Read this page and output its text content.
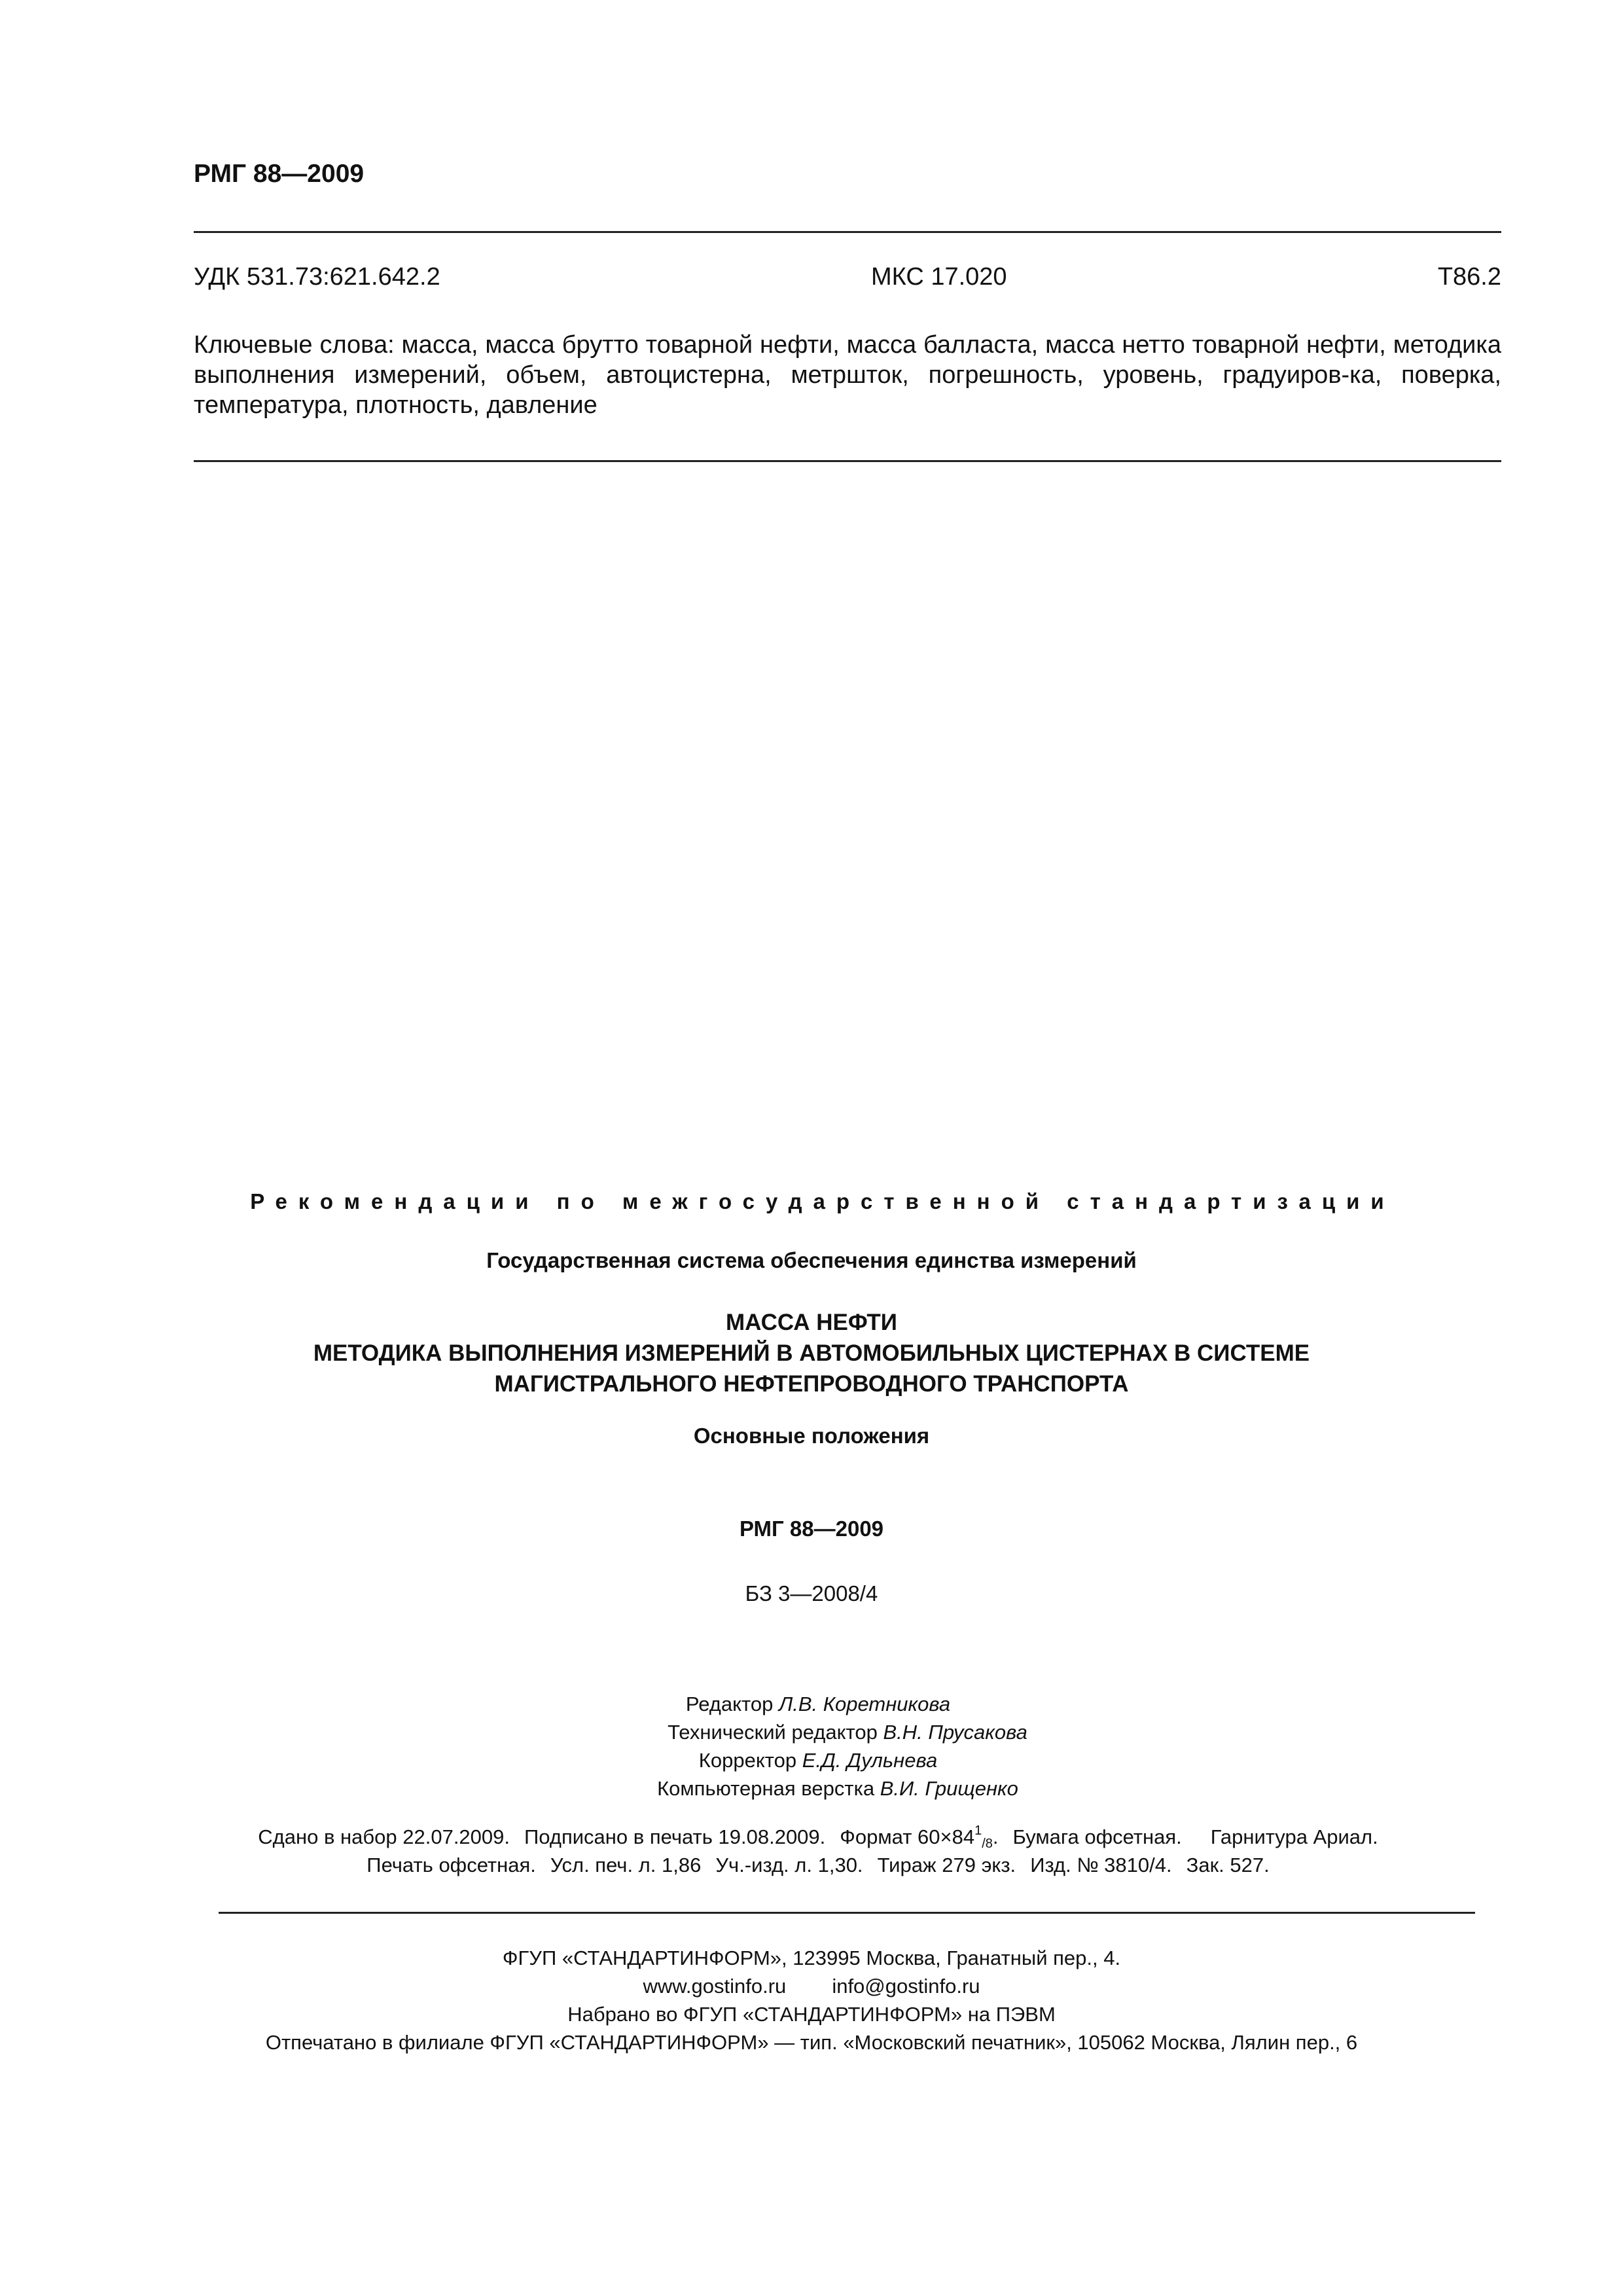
РМГ 88—2009
УДК 531.73:621.642.2	МКС 17.020	Т86.2
Ключевые слова: масса, масса брутто товарной нефти, масса балласта, масса нетто товарной нефти, методика выполнения измерений, объем, автоцистерна, метршток, погрешность, уровень, градуиров-ка, поверка, температура, плотность, давление
Рекомендации по межгосударственной стандартизации
Государственная система обеспечения единства измерений
МАССА НЕФТИ
МЕТОДИКА ВЫПОЛНЕНИЯ ИЗМЕРЕНИЙ В АВТОМОБИЛЬНЫХ ЦИСТЕРНАХ В СИСТЕМЕ
МАГИСТРАЛЬНОГО НЕФТЕПРОВОДНОГО ТРАНСПОРТА
Основные положения
РМГ 88—2009
БЗ 3—2008/4
Редактор Л.В. Коретникова
Технический редактор В.Н. Прусакова
Корректор Е.Д. Дульнева
Компьютерная верстка В.И. Грищенко
Сдано в набор 22.07.2009. Подписано в печать 19.08.2009. Формат $60\times 84^1_{/8}$. Бумага офсетная. Гарнитура Ариал.
Печать офсетная. Усл. печ. л. 1,86 Уч.-изд. л. 1,30. Тираж 279 экз. Изд. № 3810/4. Зак. 527.
ФГУП «СТАНДАРТИНФОРМ», 123995 Москва, Гранатный пер., 4.
www.gostinfo.ru info@gostinfo.ru
Набрано во ФГУП «СТАНДАРТИНФОРМ» на ПЭВМ
Отпечатано в филиале ФГУП «СТАНДАРТИНФОРМ» — тип. «Московский печатник», 105062 Москва, Лялин пер., 6
